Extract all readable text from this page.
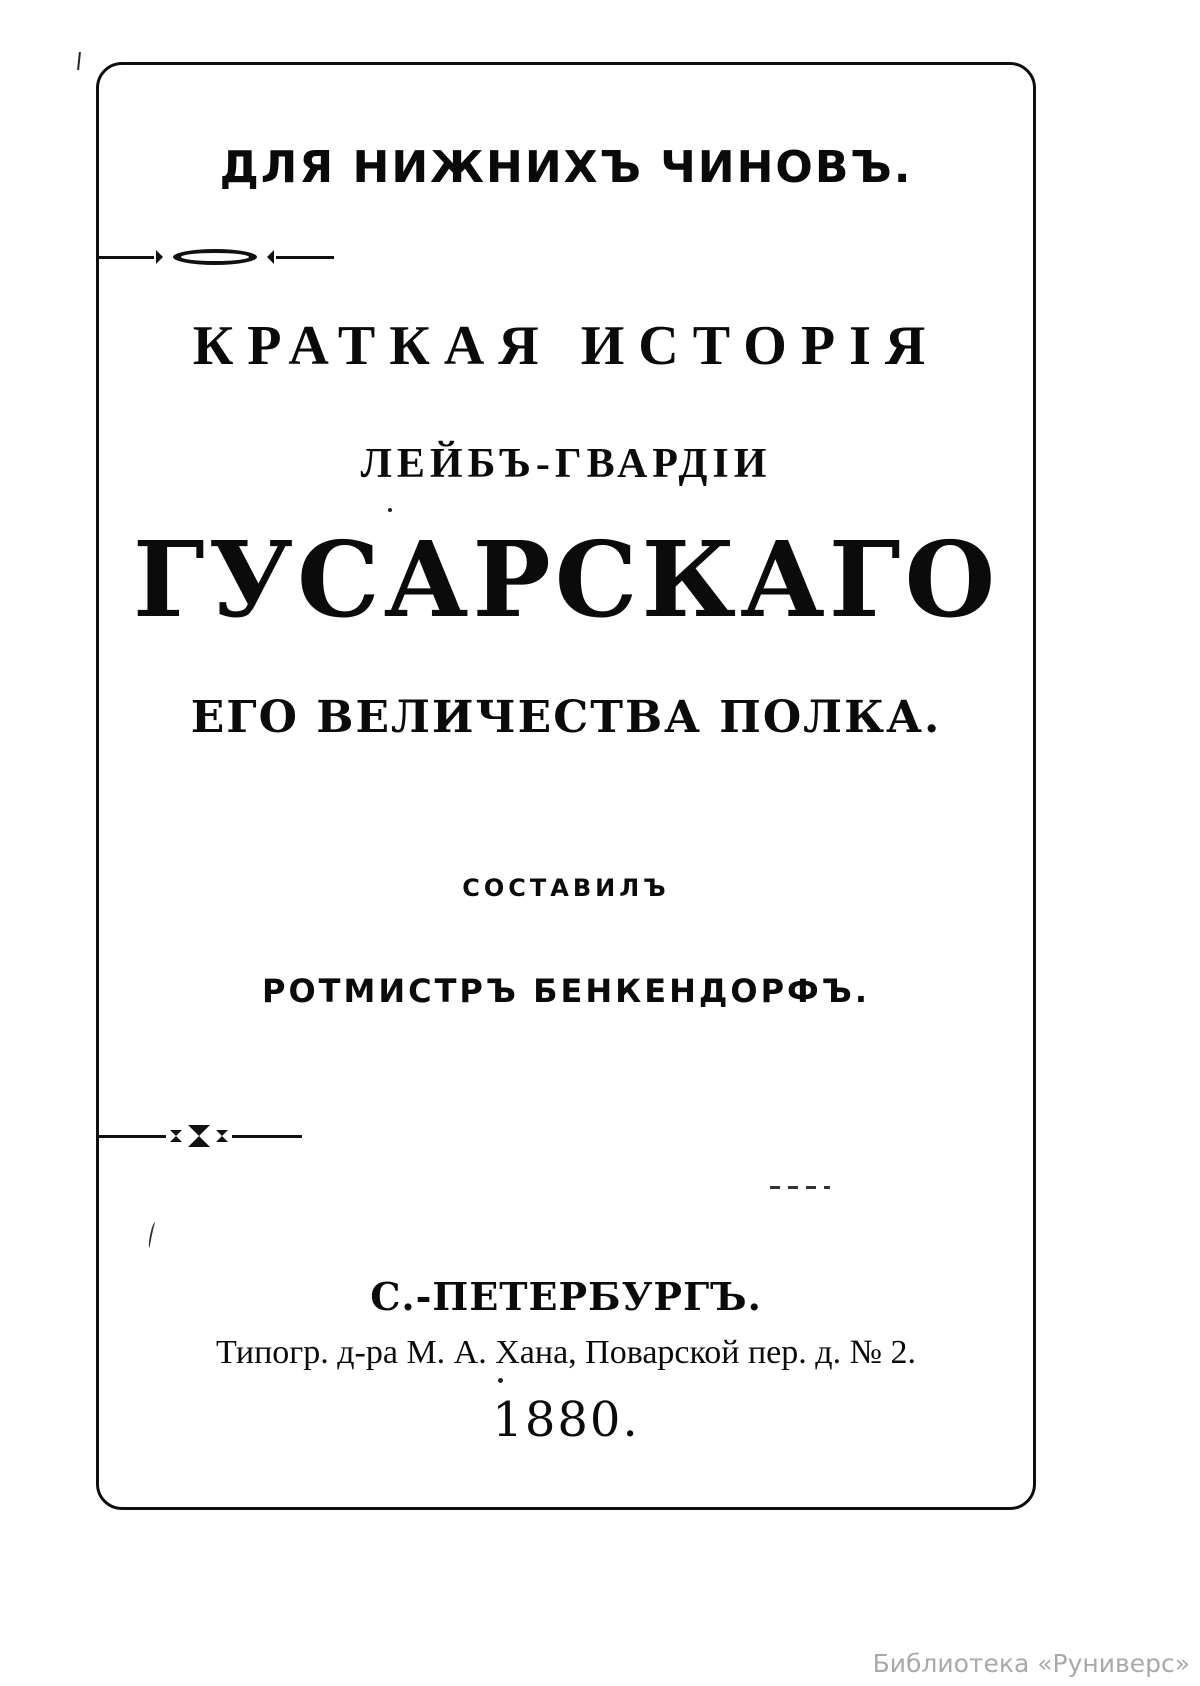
ДЛЯ НИЖНИХЪ ЧИНОВЪ.
КРАТКАЯ ИСТОРІЯ
ЛЕЙБЪ-ГВАРДІИ
ГУСАРСКАГО
ЕГО ВЕЛИЧЕСТВА ПОЛКА.
СОСТАВИЛЪ
РОТМИСТРЪ БЕНКЕНДОРФЪ.
С.-ПЕТЕРБУРГЪ.
Типогр. д-ра М. А. Хана, Поварской пер. д. № 2.
1880.
Библиотека «Руниверс»
